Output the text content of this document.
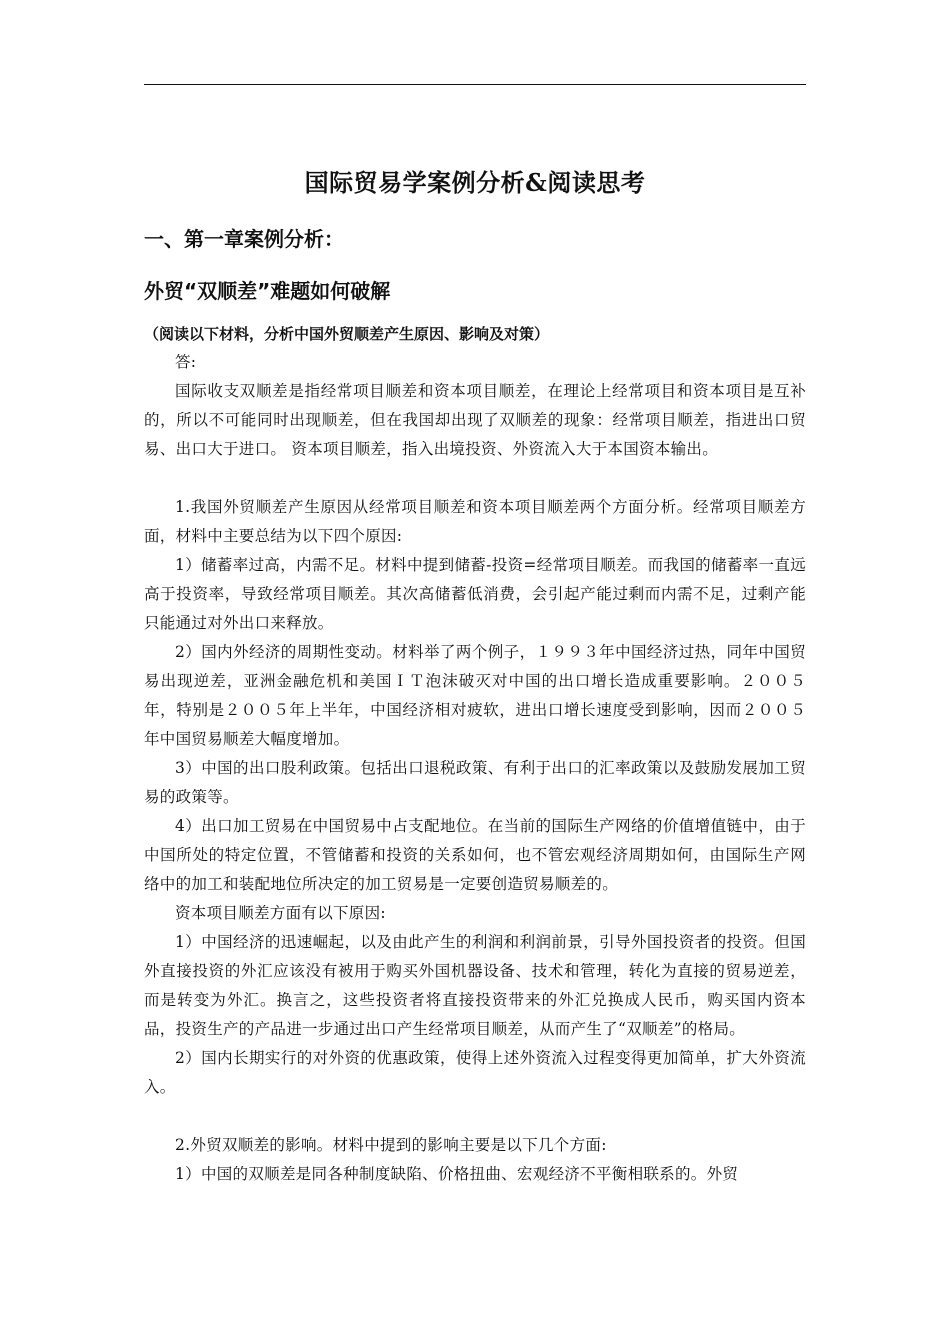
国际贸易学案例分析&阅读思考
一、第一章案例分析：
外贸“双顺差”难题如何破解
（阅读以下材料，分析中国外贸顺差产生原因、影响及对策）

答:

国际收支双顺差是指经常项目顺差和资本项目顺差，在理论上经常项目和资本项目是互补的，所以不可能同时出现顺差，但在我国却出现了双顺差的现象：经常项目顺差，指进出口贸易、出口大于进口。 资本项目顺差，指入出境投资、外资流入大于本国资本输出。

1.我国外贸顺差产生原因从经常项目顺差和资本项目顺差两个方面分析。经常项目顺差方面，材料中主要总结为以下四个原因:

1）储蓄率过高，内需不足。材料中提到储蓄-投资=经常项目顺差。而我国的储蓄率一直远高于投资率，导致经常项目顺差。其次高储蓄低消费，会引起产能过剩而内需不足，过剩产能只能通过对外出口来释放。

2）国内外经济的周期性变动。材料举了两个例子，１９９３年中国经济过热，同年中国贸易出现逆差，亚洲金融危机和美国ＩＴ泡沫破灭对中国的出口增长造成重要影响。２００５年，特别是２００５年上半年，中国经济相对疲软，进出口增长速度受到影响，因而２００５年中国贸易顺差大幅度增加。

3）中国的出口股利政策。包括出口退税政策、有利于出口的汇率政策以及鼓励发展加工贸易的政策等。

4）出口加工贸易在中国贸易中占支配地位。在当前的国际生产网络的价值增值链中，由于中国所处的特定位置，不管储蓄和投资的关系如何，也不管宏观经济周期如何，由国际生产网络中的加工和装配地位所决定的加工贸易是一定要创造贸易顺差的。

资本项目顺差方面有以下原因:

1）中国经济的迅速崛起，以及由此产生的利润和利润前景，引导外国投资者的投资。但国外直接投资的外汇应该没有被用于购买外国机器设备、技术和管理，转化为直接的贸易逆差，而是转变为外汇。换言之，这些投资者将直接投资带来的外汇兑换成人民币，购买国内资本品，投资生产的产品进一步通过出口产生经常项目顺差，从而产生了“双顺差”的格局。

2）国内长期实行的对外资的优惠政策，使得上述外资流入过程变得更加简单，扩大外资流入。

2.外贸双顺差的影响。材料中提到的影响主要是以下几个方面:

1）中国的双顺差是同各种制度缺陷、价格扭曲、宏观经济不平衡相联系的。外贸
